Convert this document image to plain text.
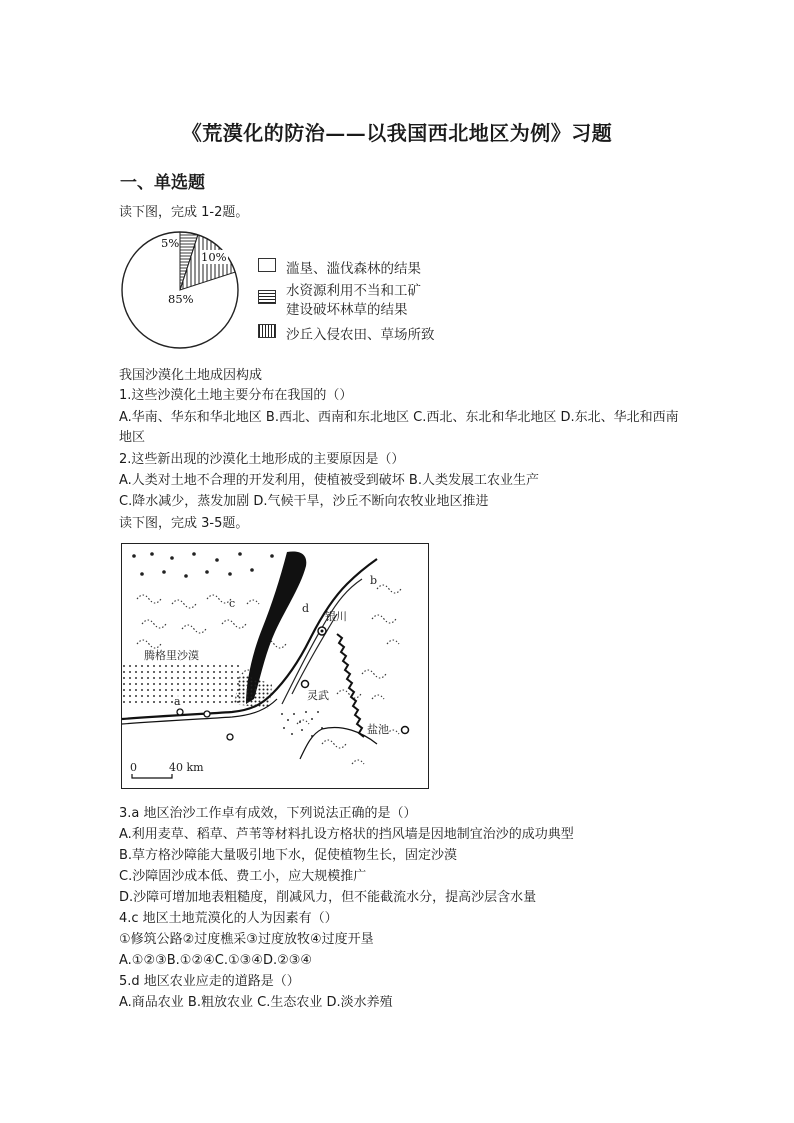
《荒漠化的防治——以我国西北地区为例》习题
一、单选题
读下图，完成 1-2题。
5%
10%
85%
滥垦、滥伐森林的结果
水资源利用不当和工矿
建设破坏林草的结果
沙丘入侵农田、草场所致
我国沙漠化土地成因构成
1.这些沙漠化土地主要分布在我国的（）
A.华南、华东和华北地区 B.西北、西南和东北地区 C.西北、东北和华北地区 D.东北、华北和西南地区
2.这些新出现的沙漠化土地形成的主要原因是（）
A.人类对土地不合理的开发利用，使植被受到破坏 B.人类发展工农业生产
C.降水减少，蒸发加剧 D.气候干旱，沙丘不断向农牧业地区推进
读下图，完成 3-5题。
腾格里沙漠
银川
灵武
盐池
a
b
c	d
0	40 km
3.a 地区治沙工作卓有成效，下列说法正确的是（）
A.利用麦草、稻草、芦苇等材料扎设方格状的挡风墙是因地制宜治沙的成功典型
B.草方格沙障能大量吸引地下水，促使植物生长，固定沙漠
C.沙障固沙成本低、费工小，应大规模推广
D.沙障可增加地表粗糙度，削减风力，但不能截流水分，提高沙层含水量
4.c 地区土地荒漠化的人为因素有（）
①修筑公路②过度樵采③过度放牧④过度开垦
A.①②③B.①②④C.①③④D.②③④
5.d 地区农业应走的道路是（）
A.商品农业 B.粗放农业 C.生态农业 D.淡水养殖
